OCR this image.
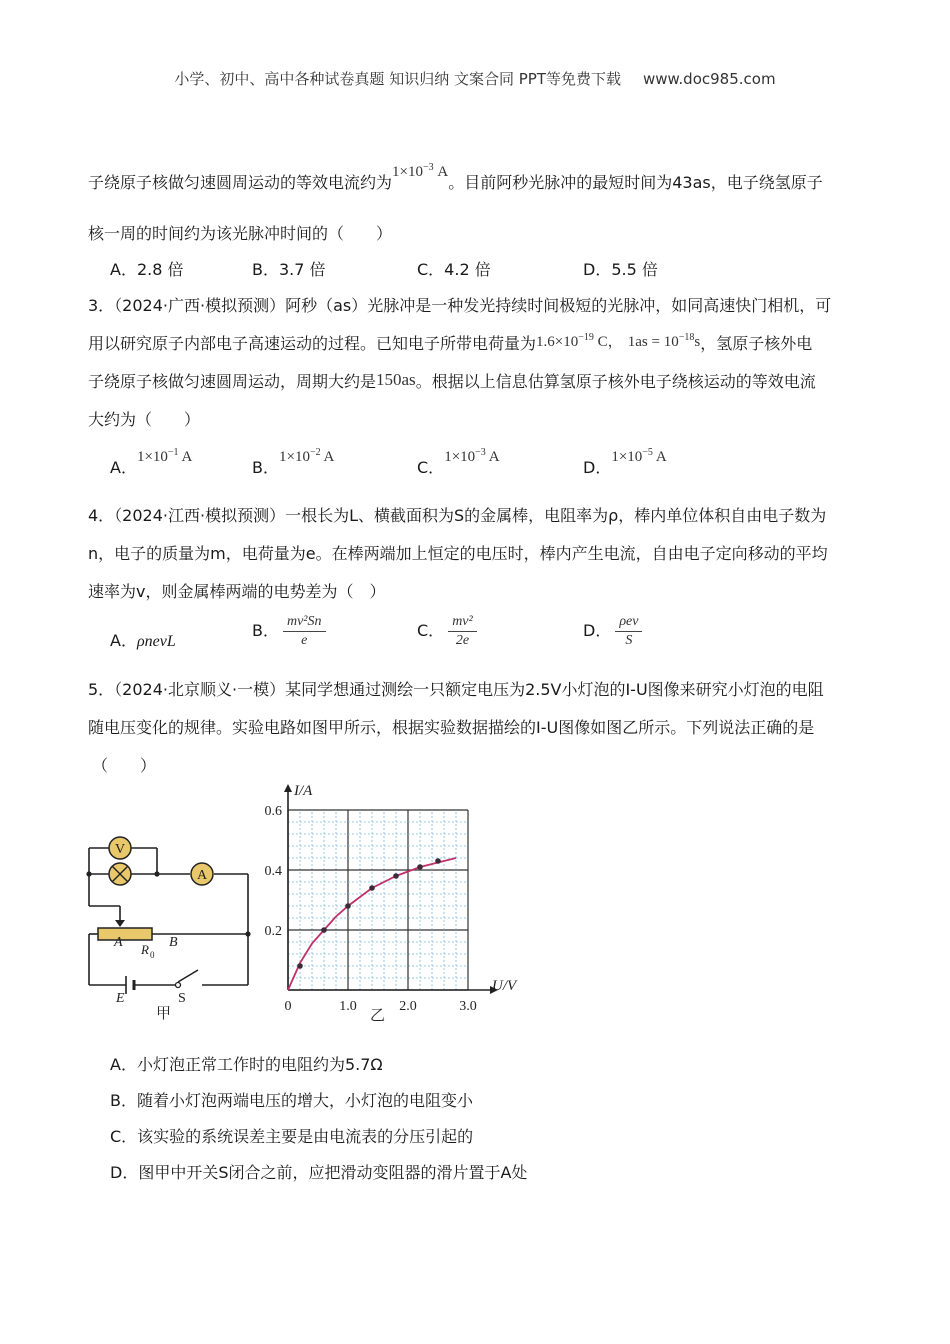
小学、初中、高中各种试卷真题 知识归纳 文案合同 PPT等免费下载 www.doc985.com
子绕原子核做匀速圆周运动的等效电流约为$1\times 10^{-3}$ A。目前阿秒光脉冲的最短时间为43as，电子绕氢原子
核一周的时间约为该光脉冲时间的（　　）
A．2.8 倍	B．3.7 倍	C．4.2 倍	D．5.5 倍
3．（2024·广西·模拟预测）阿秒（as）光脉冲是一种发光持续时间极短的光脉冲，如同高速快门相机，可
用以研究原子内部电子高速运动的过程。已知电子所带电荷量为$1.6\times 10^{-19}$ C， $1as = 10^{-18}s$，氢原子核外电
子绕原子核做匀速圆周运动，周期大约是150as。根据以上信息估算氢原子核外电子绕核运动的等效电流
大约为（　　）
A．$1\times 10^{-1}$ A
B．$1\times 10^{-2}$ A
C．$1\times 10^{-3}$ A
D．$1\times 10^{-5}$ A
4．（2024·江西·模拟预测）一根长为L、横截面积为S的金属棒，电阻率为ρ，棒内单位体积自由电子数为
n，电子的质量为m，电荷量为e。在棒两端加上恒定的电压时，棒内产生电流，自由电子定向移动的平均
速率为v，则金属棒两端的电势差为（　）
A．ρnevL
B． $\frac{\text{mv²Sn}}{e}$	C． $\frac{\text{mv²}}{2e}$	D． $\frac{\text{ρev}}{S}$
5．（2024·北京顺义·一模）某同学想通过测绘一只额定电压为2.5V小灯泡的I-U图像来研究小灯泡的电阻
随电压变化的规律。实验电路如图甲所示，根据实验数据描绘的I-U图像如图乙所示。下列说法正确的是
（　　）
V
A
A	B
R 0
E	S
甲	0	1.0	2.0	3.0
0.2
0.4
0.6
I/A
U/V
乙
A．小灯泡正常工作时的电阻约为5.7Ω
B．随着小灯泡两端电压的增大，小灯泡的电阻变小
C．该实验的系统误差主要是由电流表的分压引起的
D．图甲中开关S闭合之前，应把滑动变阻器的滑片置于A处
